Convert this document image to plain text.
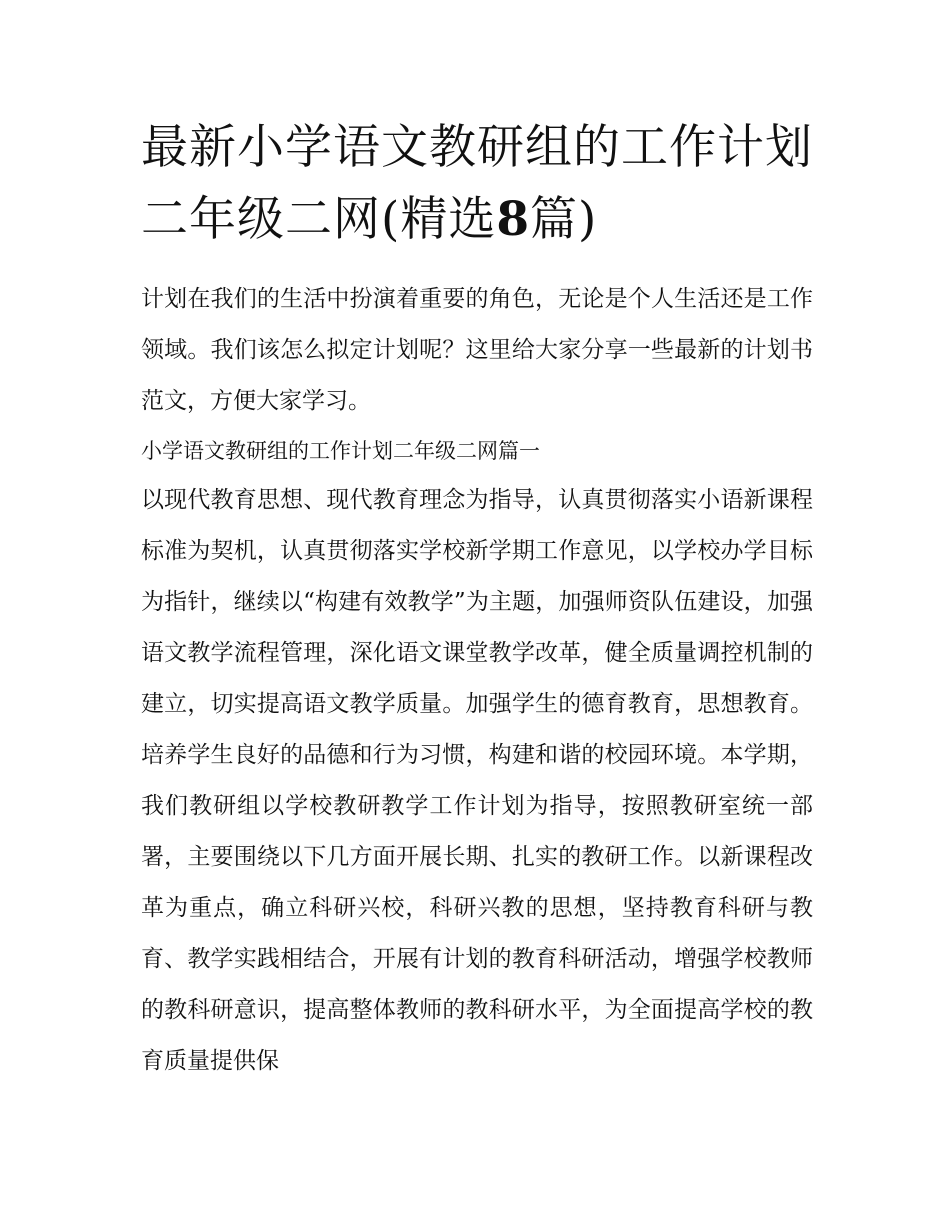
最新小学语文教研组的工作计划二年级二网(精选8篇)

计划在我们的生活中扮演着重要的角色，无论是个人生活还是工作领域。我们该怎么拟定计划呢？这里给大家分享一些最新的计划书范文，方便大家学习。

小学语文教研组的工作计划二年级二网篇一

以现代教育思想、现代教育理念为指导，认真贯彻落实小语新课程标准为契机，认真贯彻落实学校新学期工作意见，以学校办学目标为指针，继续以“构建有效教学”为主题，加强师资队伍建设，加强语文教学流程管理，深化语文课堂教学改革，健全质量调控机制的建立，切实提高语文教学质量。加强学生的德育教育，思想教育。培养学生良好的品德和行为习惯，构建和谐的校园环境。本学期，我们教研组以学校教研教学工作计划为指导，按照教研室统一部署，主要围绕以下几方面开展长期、扎实的教研工作。以新课程改革为重点，确立科研兴校，科研兴教的思想，坚持教育科研与教育、教学实践相结合，开展有计划的教育科研活动，增强学校教师的教科研意识，提高整体教师的教科研水平，为全面提高学校的教育质量提供保
